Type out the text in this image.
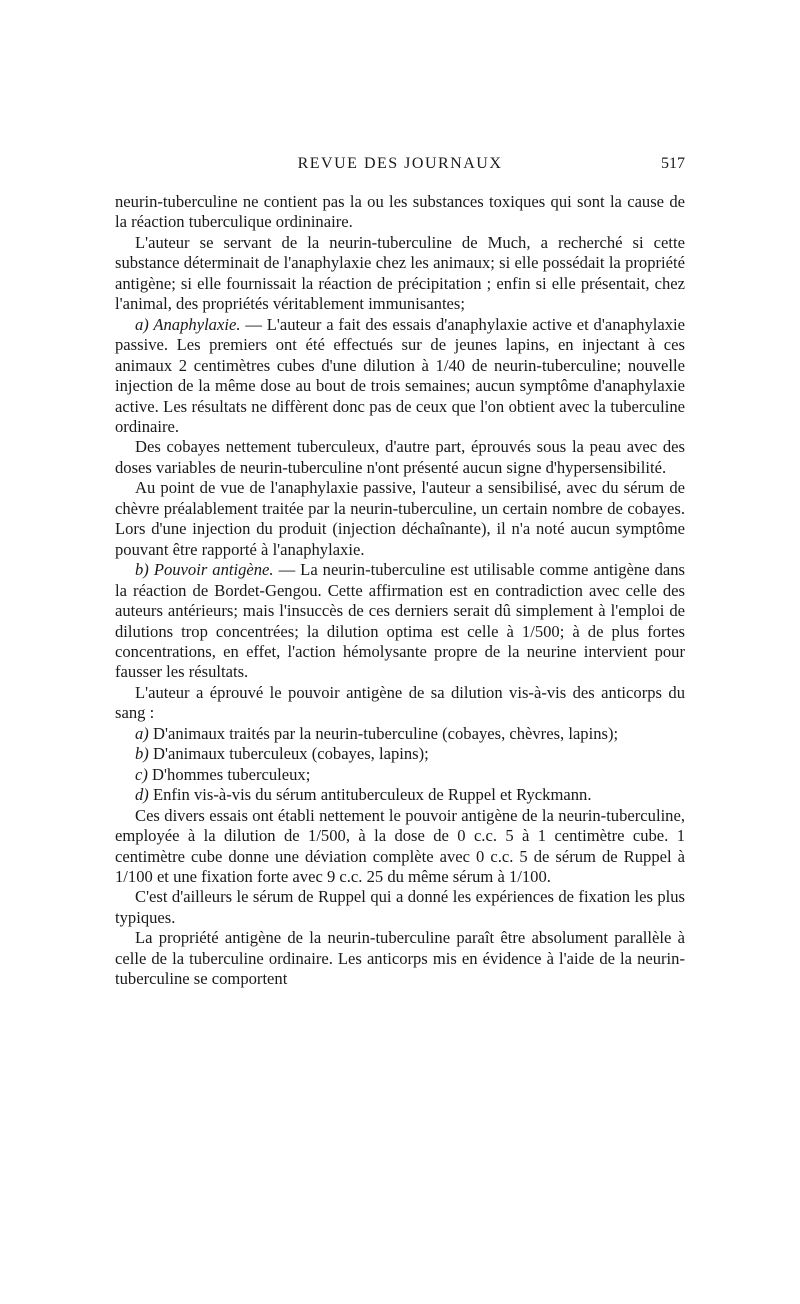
REVUE DES JOURNAUX	517

neurin-tuberculine ne contient pas la ou les substances toxiques qui sont la cause de la réaction tuberculique ordininaire.

L'auteur se servant de la neurin-tuberculine de Much, a recherché si cette substance déterminait de l'anaphylaxie chez les animaux; si elle possédait la propriété antigène; si elle fournissait la réaction de précipitation ; enfin si elle présentait, chez l'animal, des propriétés véritablement immunisantes;

a) Anaphylaxie. — L'auteur a fait des essais d'anaphylaxie active et d'anaphylaxie passive. Les premiers ont été effectués sur de jeunes lapins, en injectant à ces animaux 2 centimètres cubes d'une dilution à 1/40 de neurin-tuberculine; nouvelle injection de la même dose au bout de trois semaines; aucun symptôme d'anaphylaxie active. Les résultats ne diffèrent donc pas de ceux que l'on obtient avec la tuberculine ordinaire.

Des cobayes nettement tuberculeux, d'autre part, éprouvés sous la peau avec des doses variables de neurin-tuberculine n'ont présenté aucun signe d'hypersensibilité.

Au point de vue de l'anaphylaxie passive, l'auteur a sensibilisé, avec du sérum de chèvre préalablement traitée par la neurin-tuberculine, un certain nombre de cobayes. Lors d'une injection du produit (injection déchaînante), il n'a noté aucun symptôme pouvant être rapporté à l'anaphylaxie.

b) Pouvoir antigène. — La neurin-tuberculine est utilisable comme antigène dans la réaction de Bordet-Gengou. Cette affirmation est en contradiction avec celle des auteurs antérieurs; mais l'insuccès de ces derniers serait dû simplement à l'emploi de dilutions trop concentrées; la dilution optima est celle à 1/500; à de plus fortes concentrations, en effet, l'action hémolysante propre de la neurine intervient pour fausser les résultats.

L'auteur a éprouvé le pouvoir antigène de sa dilution vis-à-vis des anticorps du sang :

a) D'animaux traités par la neurin-tuberculine (cobayes, chèvres, lapins);

b) D'animaux tuberculeux (cobayes, lapins);

c) D'hommes tuberculeux;

d) Enfin vis-à-vis du sérum antituberculeux de Ruppel et Ryckmann.

Ces divers essais ont établi nettement le pouvoir antigène de la neurin-tuberculine, employée à la dilution de 1/500, à la dose de 0 c.c. 5 à 1 centimètre cube. 1 centimètre cube donne une déviation complète avec 0 c.c. 5 de sérum de Ruppel à 1/100 et une fixation forte avec 9 c.c. 25 du même sérum à 1/100.

C'est d'ailleurs le sérum de Ruppel qui a donné les expériences de fixation les plus typiques.

La propriété antigène de la neurin-tuberculine paraît être absolument parallèle à celle de la tuberculine ordinaire. Les anticorps mis en évidence à l'aide de la neurin-tuberculine se comportent
